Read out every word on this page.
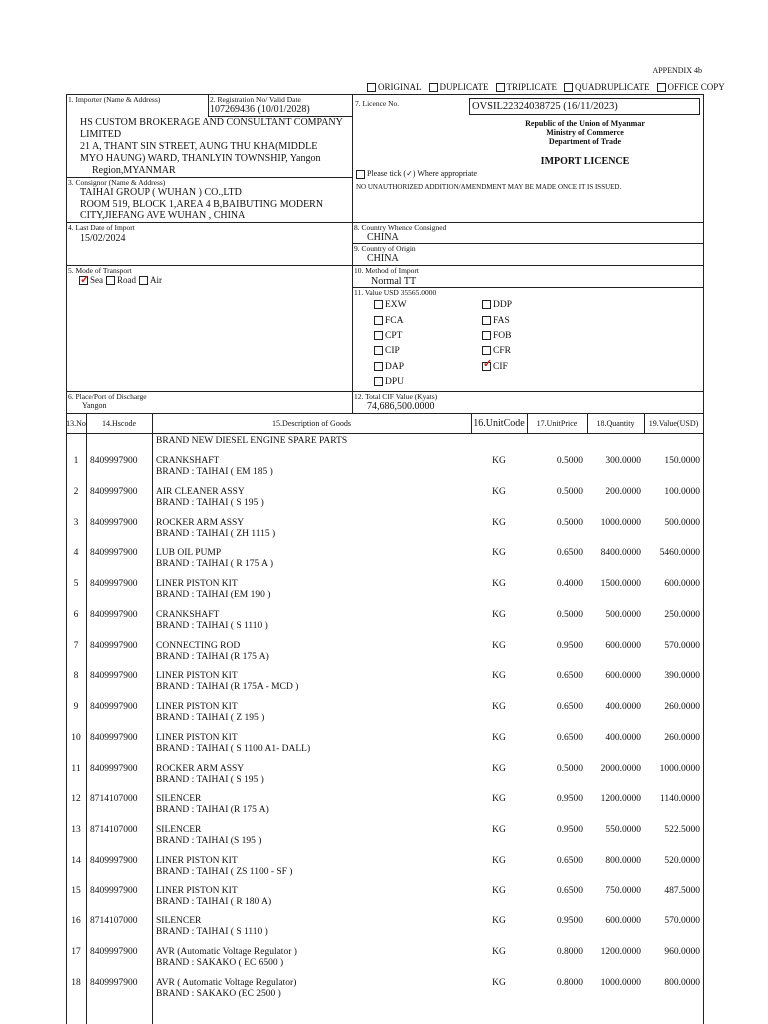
APPENDIX 4b
ORIGINAL DUPLICATE TRIPLICATE QUADRUPLICATE OFFICE COPY
1. Importer (Name & Address)	2. Registration No/ Valid Date
107269436 (10/01/2028)
HS CUSTOM BROKERAGE AND CONSULTANT COMPANY
LIMITED
21 A, THANT SIN STREET, AUNG THU KHA(MIDDLE
MYO HAUNG) WARD, THANLYIN TOWNSHIP, Yangon
Region,MYANMAR
7. Licence No.	OVSIL22324038725 (16/11/2023)
Republic of the Union of Myanmar
Ministry of Commerce
Department of Trade
IMPORT LICENCE
Please tick (✓) Where appropriate
NO UNAUTHORIZED ADDITION/AMENDMENT MAY BE MADE ONCE IT IS ISSUED.
3. Consignor (Name & Address)
TAIHAI GROUP ( WUHAN ) CO.,LTD
ROOM 519, BLOCK 1,AREA 4 B,BAIBUTING MODERN
CITY,JIEFANG AVE WUHAN , CHINA
4. Last Date of Import
15/02/2024
8. Country Whence Consigned
CHINA
9. Country of Origin
CHINA
5. Mode of Transport
✓Sea Road Air
10. Method of Import
Normal TT
11. Value USD 35565.0000
EXW	DDP
FCA	FAS
CPT	FOB
CIP	CFR
DAP
✓	CIF
DPU
6. Place/Port of Discharge
Yangon
12. Total CIF Value (Kyats)
74,686,500.0000
13.No	14.Hscode	15.Description of Goods	16.UnitCode	17.UnitPrice	18.Quantity	19.Value(USD)
BRAND NEW DIESEL ENGINE SPARE PARTS
1	8409997900 CRANKSHAFT
BRAND : TAIHAI ( EM 185 )
KG	0.5000	300.0000	150.0000
2	8409997900 AIR CLEANER ASSY
BRAND : TAIHAI ( S 195 )
KG	0.5000	200.0000	100.0000
3	8409997900 ROCKER ARM ASSY
BRAND : TAIHAI ( ZH 1115 )
KG	0.5000	1000.0000	500.0000
4	8409997900 LUB OIL PUMP
BRAND : TAIHAI ( R 175 A )
KG	0.6500	8400.0000	5460.0000
5	8409997900 LINER PISTON KIT
BRAND : TAIHAI (EM 190 )
KG	0.4000	1500.0000	600.0000
6	8409997900 CRANKSHAFT
BRAND : TAIHAI ( S 1110 )
KG	0.5000	500.0000	250.0000
7	8409997900 CONNECTING ROD
BRAND : TAIHAI (R 175 A)
KG	0.9500	600.0000	570.0000
8	8409997900 LINER PISTON KIT
BRAND : TAIHAI (R 175A - MCD )
KG	0.6500	600.0000	390.0000
9	8409997900 LINER PISTON KIT
BRAND : TAIHAI ( Z 195 )
KG	0.6500	400.0000	260.0000
10 8409997900 LINER PISTON KIT
BRAND : TAIHAI ( S 1100 A1- DALL)
KG	0.6500	400.0000	260.0000
11 8409997900 ROCKER ARM ASSY
BRAND : TAIHAI ( S 195 )
KG	0.5000	2000.0000	1000.0000
12 8714107000 SILENCER
BRAND : TAIHAI (R 175 A)
KG	0.9500	1200.0000	1140.0000
13 8714107000 SILENCER
BRAND : TAIHAI (S 195 )
KG	0.9500	550.0000	522.5000
14 8409997900 LINER PISTON KIT
BRAND : TAIHAI ( ZS 1100 - SF )
KG	0.6500	800.0000	520.0000
15 8409997900 LINER PISTON KIT
BRAND : TAIHAI ( R 180 A)
KG	0.6500	750.0000	487.5000
16 8714107000 SILENCER
BRAND : TAIHAI ( S 1110 )
KG	0.9500	600.0000	570.0000
17 8409997900 AVR (Automatic Voltage Regulator )
BRAND : SAKAKO ( EC 6500 )
KG	0.8000	1200.0000	960.0000
18 8409997900 AVR ( Automatic Voltage Regulator)
BRAND : SAKAKO (EC 2500 )
KG	0.8000	1000.0000	800.0000
